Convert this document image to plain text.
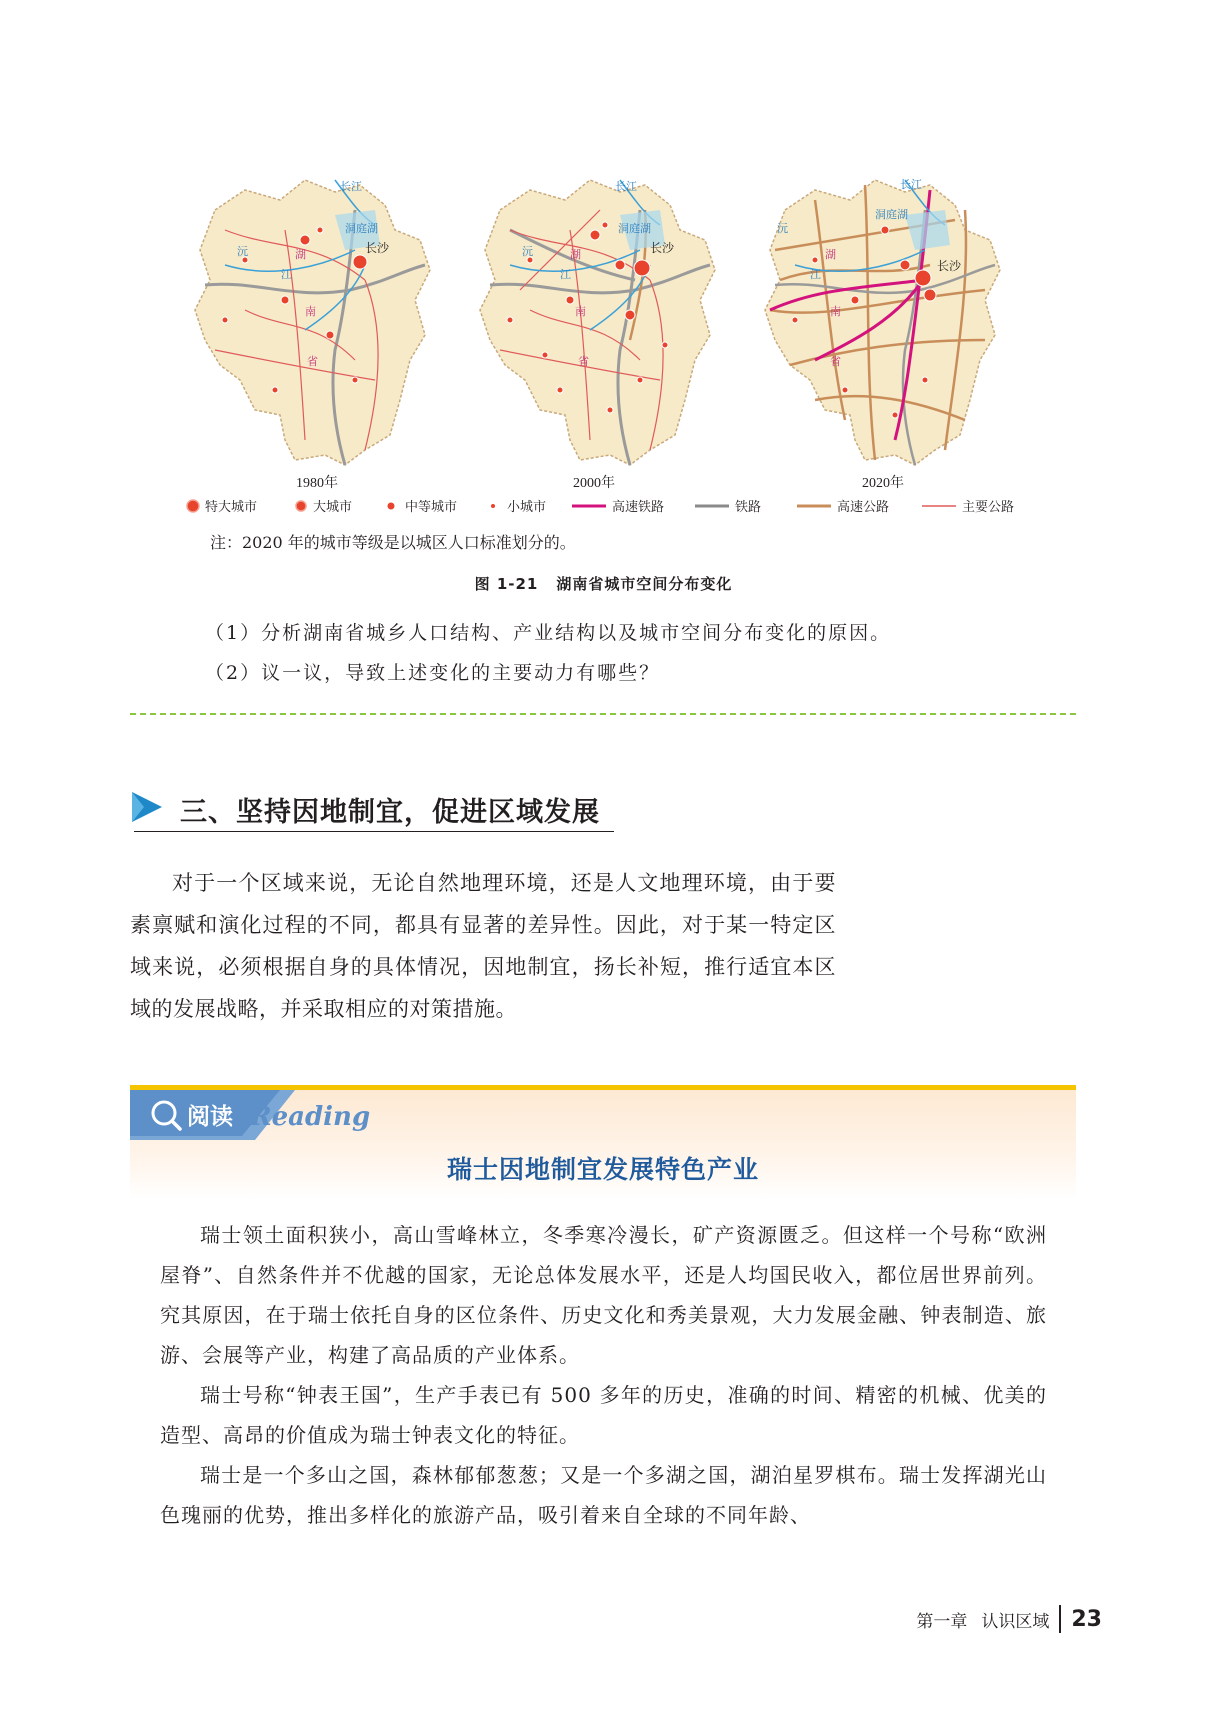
湖
南
省
长江
洞庭湖
沅
江
长沙
1980年
湖
南
省
长江
洞庭湖
沅
江
长沙
2000年
湖
南
省
长江
洞庭湖
沅
江
长沙
2020年
特大城市	大城市	中等城市	小城市	高速铁路	铁路	高速公路	主要公路
注：2020 年的城市等级是以城区人口标准划分的。
图 1-21 湖南省城市空间分布变化
（1）分析湖南省城乡人口结构、产业结构以及城市空间分布变化的原因。
（2）议一议，导致上述变化的主要动力有哪些？
三、坚持因地制宜，促进区域发展
对于一个区域来说，无论自然地理环境，还是人文地理环境，由于要素禀赋和演化过程的不同，都具有显著的差异性。因此，对于某一特定区域来说，必须根据自身的具体情况，因地制宜，扬长补短，推行适宜本区域的发展战略，并采取相应的对策措施。
阅读 Reading
瑞士因地制宜发展特色产业
瑞士领土面积狭小，高山雪峰林立，冬季寒冷漫长，矿产资源匮乏。但这样一个号称“欧洲屋脊”、自然条件并不优越的国家，无论总体发展水平，还是人均国民收入，都位居世界前列。究其原因，在于瑞士依托自身的区位条件、历史文化和秀美景观，大力发展金融、钟表制造、旅游、会展等产业，构建了高品质的产业体系。
瑞士号称“钟表王国”，生产手表已有 500 多年的历史，准确的时间、精密的机械、优美的造型、高昂的价值成为瑞士钟表文化的特征。
瑞士是一个多山之国，森林郁郁葱葱；又是一个多湖之国，湖泊星罗棋布。瑞士发挥湖光山色瑰丽的优势，推出多样化的旅游产品，吸引着来自全球的不同年龄、
第一章 认识区域 23
